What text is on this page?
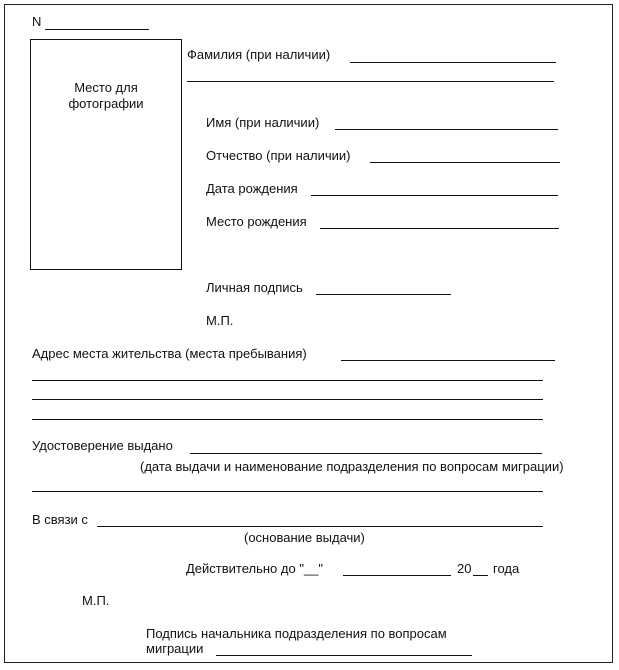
N
Место для фотографии
Фамилия (при наличии)
Имя (при наличии)
Отчество (при наличии)
Дата рождения
Место рождения
Личная подпись
М.П.
Адрес места жительства (места пребывания)
Удостоверение выдано
(дата выдачи и наименование подразделения по вопросам миграции)
В связи с
(основание выдачи)
Действительно до "__"	20 года
М.П.
Подпись начальника подразделения по вопросам
миграции
